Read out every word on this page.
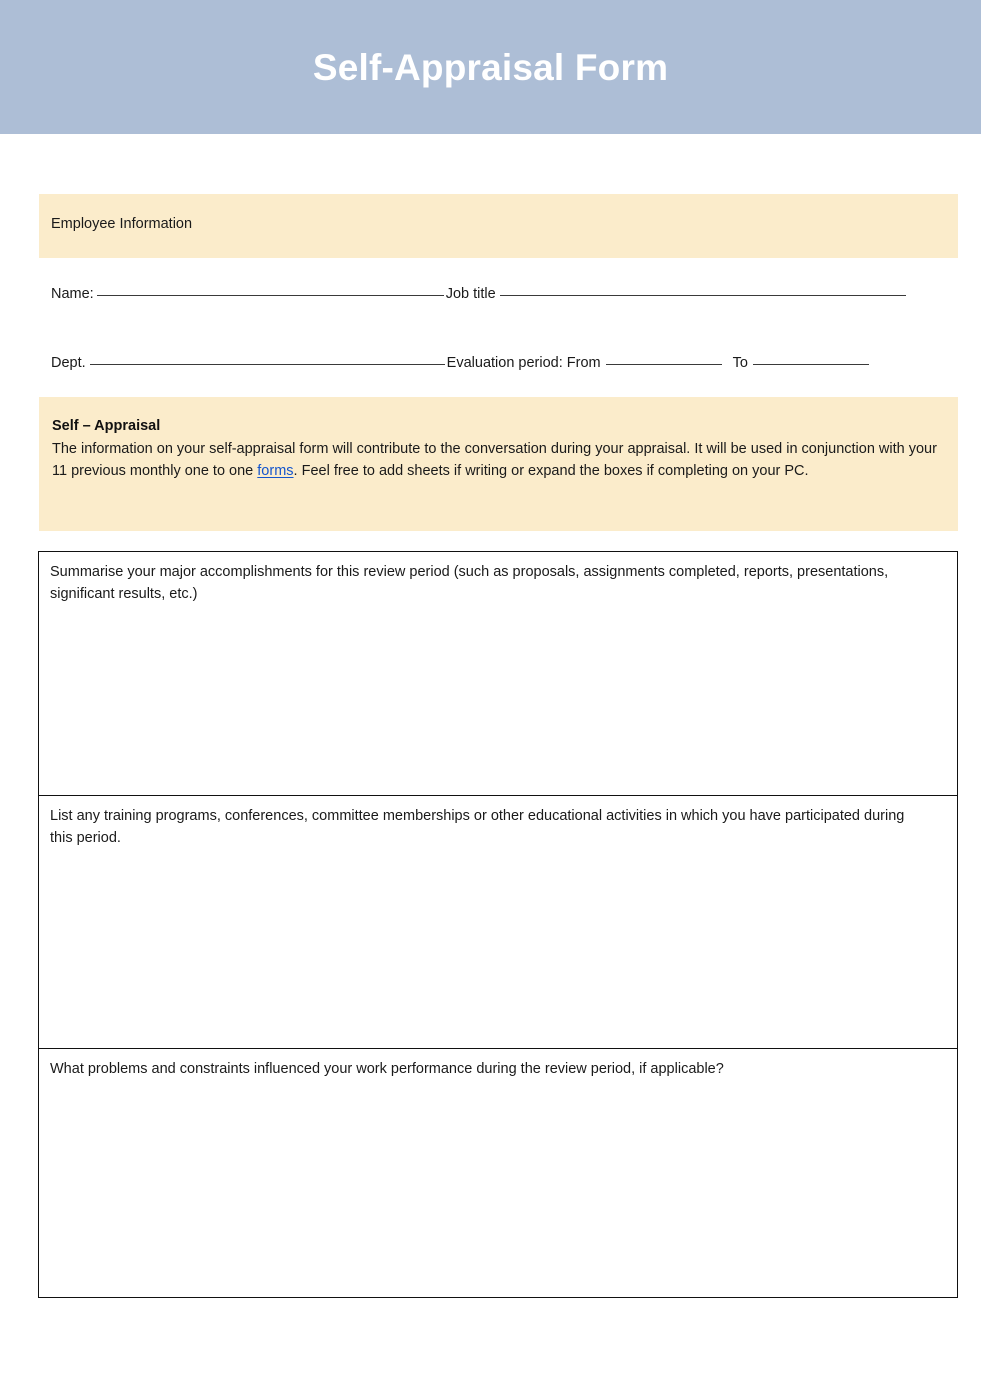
Self-Appraisal Form
Employee Information
Name:	Job title
Dept.	Evaluation period: From	To

Self – Appraisal

The information on your self-appraisal form will contribute to the conversation during your appraisal. It will be used in conjunction with your 11 previous monthly one to one forms. Feel free to add sheets if writing or expand the boxes if completing on your PC.

Summarise your major accomplishments for this review period (such as proposals, assignments completed, reports, presentations, significant results, etc.)

List any training programs, conferences, committee memberships or other educational activities in which you have participated during this period.

What problems and constraints influenced your work performance during the review period, if applicable?
